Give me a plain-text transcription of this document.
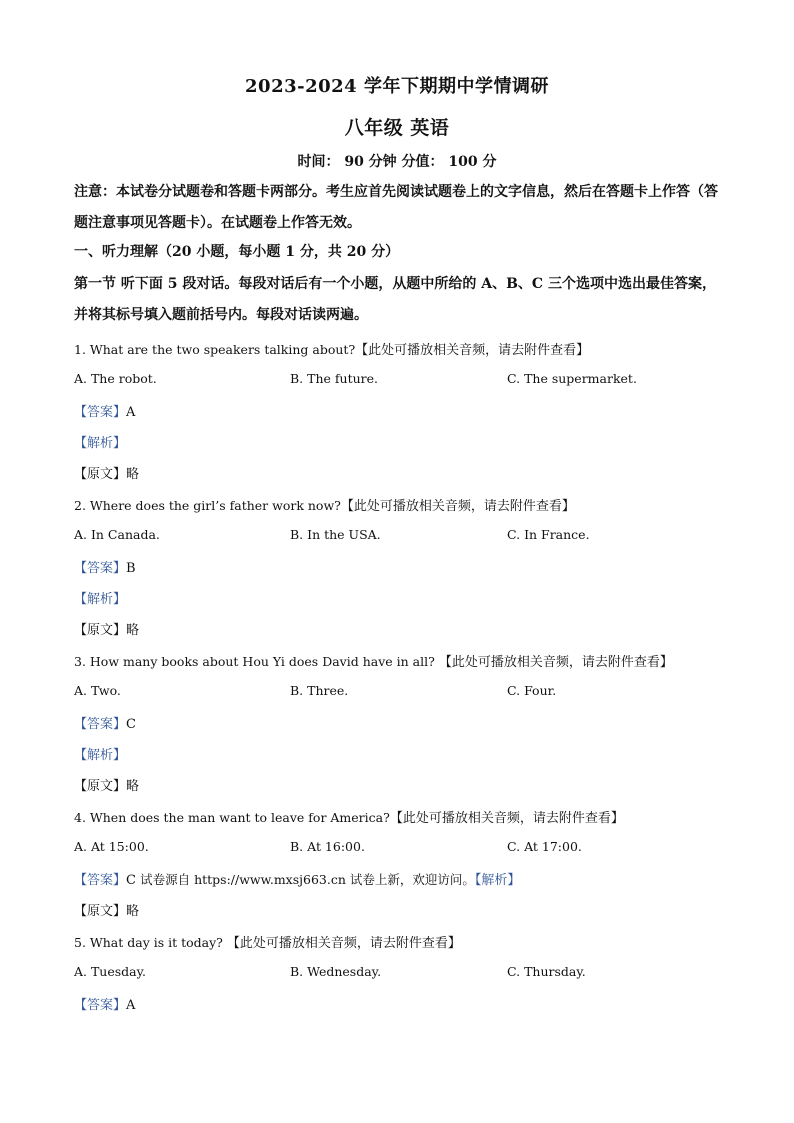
2023-2024 学年下期期中学情调研
八年级 英语
时间： 90 分钟 分值： 100 分
注意：本试卷分试题卷和答题卡两部分。考生应首先阅读试题卷上的文字信息，然后在答题卡上作答（答题注意事项见答题卡）。在试题卷上作答无效。
一、听力理解（20 小题，每小题 1 分，共 20 分）
第一节 听下面 5 段对话。每段对话后有一个小题，从题中所给的 A、B、C 三个选项中选出最佳答案，并将其标号填入题前括号内。每段对话读两遍。
1. What are the two speakers talking about?【此处可播放相关音频，请去附件查看】
A. The robot.	B. The future.	C. The supermarket.
【答案】A
【解析】
【原文】略
2. Where does the girl’s father work now?【此处可播放相关音频，请去附件查看】
A. In Canada.	B. In the USA.	C. In France.
【答案】B
【解析】
【原文】略
3. How many books about Hou Yi does David have in all? 【此处可播放相关音频，请去附件查看】
A. Two.	B. Three.	C. Four.
【答案】C
【解析】
【原文】略
4. When does the man want to leave for America?【此处可播放相关音频，请去附件查看】
A. At 15:00.	B. At 16:00.	C. At 17:00.
【答案】C 试卷源自 https://www.mxsj663.cn 试卷上新，欢迎访问。【解析】
【原文】略
5. What day is it today? 【此处可播放相关音频，请去附件查看】
A. Tuesday.	B. Wednesday.	C. Thursday.
【答案】A
